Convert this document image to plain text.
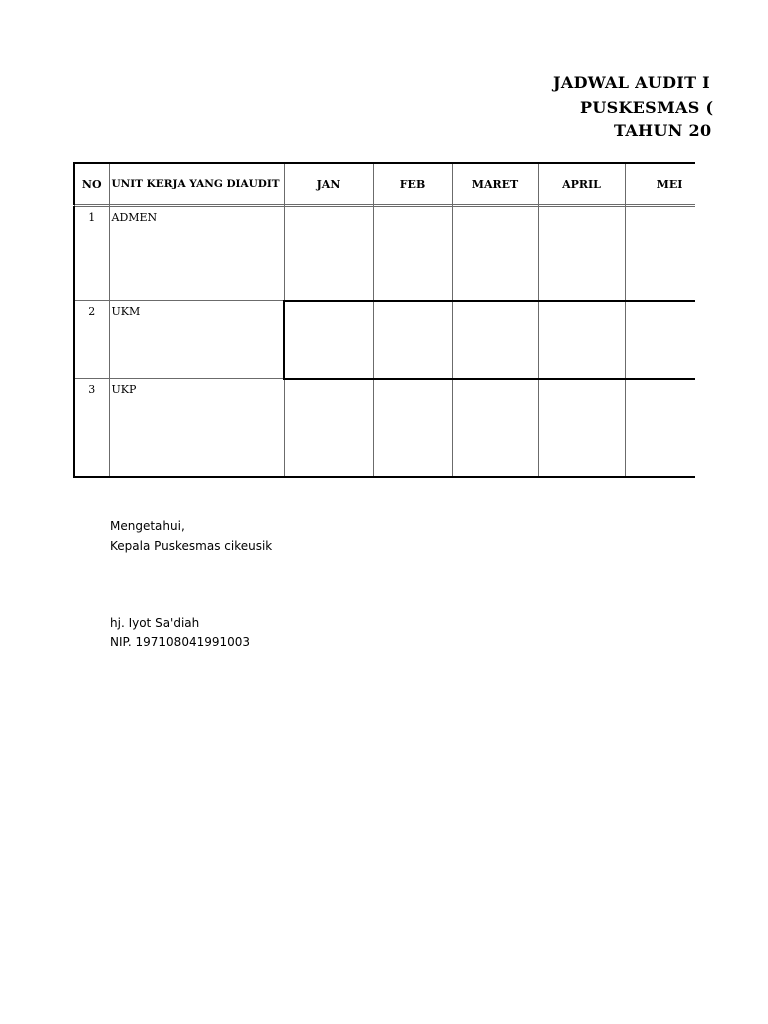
JADWAL AUDIT I
PUSKESMAS (
TAHUN 20
NO	UNIT KERJA YANG DIAUDIT	JAN	FEB	MARET	APRIL	MEI

1	ADMEN					
2	UKM					
3	UKP					
Mengetahui,
Kepala Puskesmas cikeusik
hj. Iyot Sa'diah
NIP. 197108041991003
